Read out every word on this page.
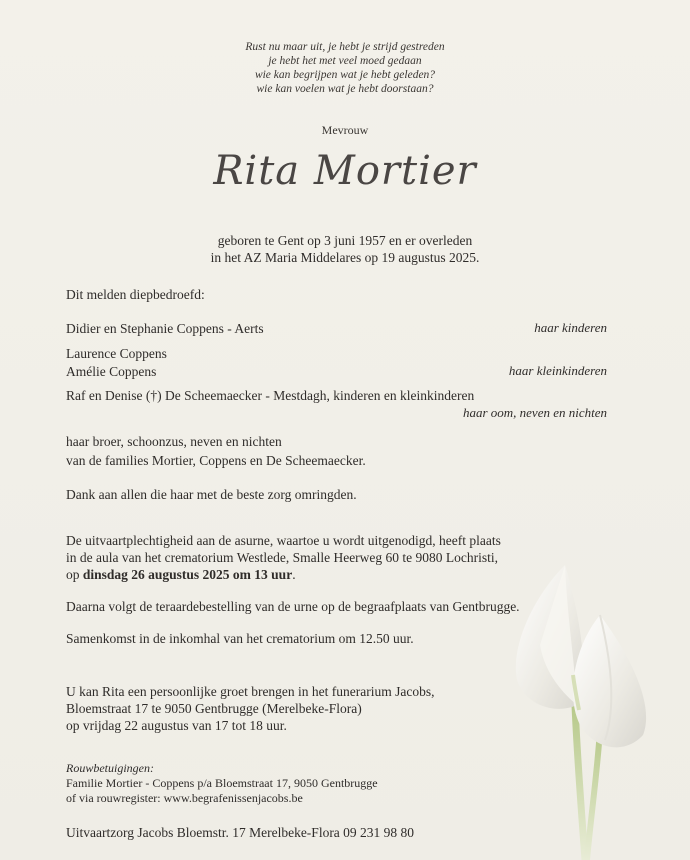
Rust nu maar uit, je hebt je strijd gestreden
je hebt het met veel moed gedaan
wie kan begrijpen wat je hebt geleden?
wie kan voelen wat je hebt doorstaan?
Mevrouw
Rita Mortier
geboren te Gent op 3 juni 1957 en er overleden
in het AZ Maria Middelares op 19 augustus 2025.
Dit melden diepbedroefd:
Didier en Stephanie Coppens - Aerts	haar kinderen
Laurence Coppens
Amélie Coppens	haar kleinkinderen
Raf en Denise (†) De Scheemaecker - Mestdagh, kinderen en kleinkinderen
haar oom, neven en nichten
haar broer, schoonzus, neven en nichten
van de families Mortier, Coppens en De Scheemaecker.
Dank aan allen die haar met de beste zorg omringden.
De uitvaartplechtigheid aan de asurne, waartoe u wordt uitgenodigd, heeft plaats
in de aula van het crematorium Westlede, Smalle Heerweg 60 te 9080 Lochristi,
op dinsdag 26 augustus 2025 om 13 uur.
Daarna volgt de teraardebestelling van de urne op de begraafplaats van Gentbrugge.
Samenkomst in de inkomhal van het crematorium om 12.50 uur.
U kan Rita een persoonlijke groet brengen in het funerarium Jacobs,
Bloemstraat 17 te 9050 Gentbrugge (Merelbeke-Flora)
op vrijdag 22 augustus van 17 tot 18 uur.
Rouwbetuigingen:
Familie Mortier - Coppens p/a Bloemstraat 17, 9050 Gentbrugge
of via rouwregister: www.begrafenissenjacobs.be
Uitvaartzorg Jacobs Bloemstr. 17 Merelbeke-Flora 09 231 98 80
